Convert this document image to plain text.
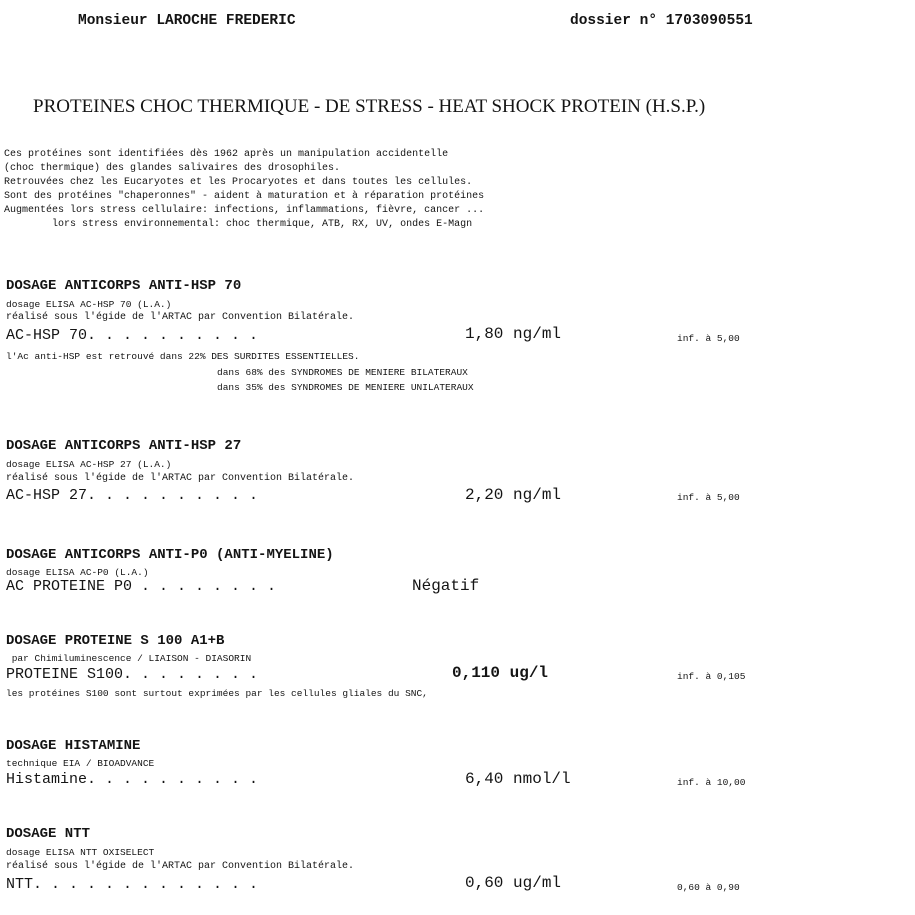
Monsieur LAROCHE FREDERIC	dossier n° 1703090551
PROTEINES CHOC THERMIQUE - DE STRESS - HEAT SHOCK PROTEIN (H.S.P.)

Ces protéines sont identifiées dès 1962 après un manipulation accidentelle
(choc thermique) des glandes salivaires des drosophiles.
Retrouvées chez les Eucaryotes et les Procaryotes et dans toutes les cellules.
Sont des protéines "chaperonnes" - aident à maturation et à réparation protéines
Augmentées lors stress cellulaire: infections, inflammations, fièvre, cancer ...
lors stress environnemental: choc thermique, ATB, RX, UV, ondes E-Magn

DOSAGE ANTICORPS ANTI-HSP 70
dosage ELISA AC-HSP 70 (L.A.)
réalisé sous l'égide de l'ARTAC par Convention Bilatérale.
AC-HSP 70. . . . . . . . . .	1,80 ng/ml	inf. à 5,00
l'Ac anti-HSP est retrouvé dans 22% DES SURDITES ESSENTIELLES.
dans 68% des SYNDROMES DE MENIERE BILATERAUX
dans 35% des SYNDROMES DE MENIERE UNILATERAUX
DOSAGE ANTICORPS ANTI-HSP 27
dosage ELISA AC-HSP 27 (L.A.)
réalisé sous l'égide de l'ARTAC par Convention Bilatérale.
AC-HSP 27. . . . . . . . . .	2,20 ng/ml	inf. à 5,00
DOSAGE ANTICORPS ANTI-P0 (ANTI-MYELINE)
dosage ELISA AC-P0 (L.A.)
AC PROTEINE P0 . . . . . . . .	Négatif
DOSAGE PROTEINE S 100 A1+B
par Chimiluminescence / LIAISON - DIASORIN
PROTEINE S100. . . . . . . .	0,110 ug/l	inf. à 0,105
les protéines S100 sont surtout exprimées par les cellules gliales du SNC,
DOSAGE HISTAMINE
technique EIA / BIOADVANCE
Histamine. . . . . . . . . .	6,40 nmol/l	inf. à 10,00
DOSAGE NTT
dosage ELISA NTT OXISELECT
réalisé sous l'égide de l'ARTAC par Convention Bilatérale.
NTT. . . . . . . . . . . . .	0,60 ug/ml	0,60 à 0,90
